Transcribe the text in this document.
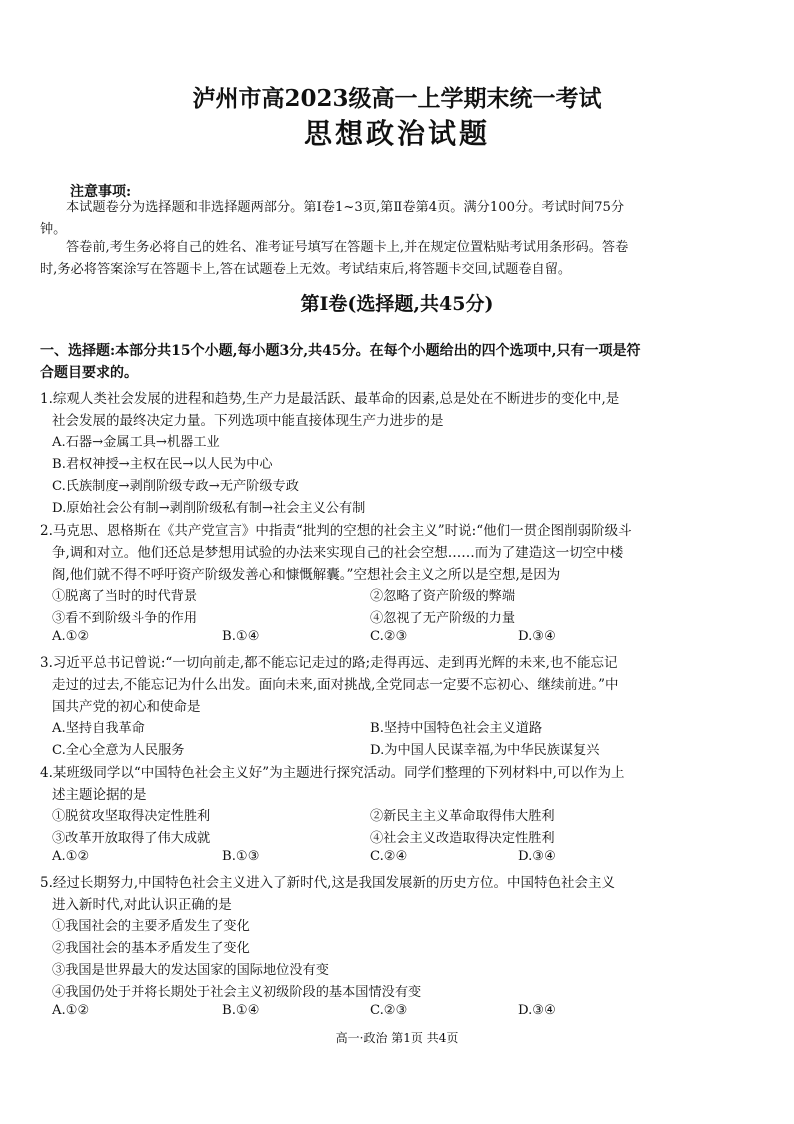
泸州市高2023级高一上学期末统一考试
思想政治试题
注意事项:
本试题卷分为选择题和非选择题两部分。第Ⅰ卷1~3页,第Ⅱ卷第4页。满分100分。考试时间75分
钟。
答卷前,考生务必将自己的姓名、准考证号填写在答题卡上,并在规定位置粘贴考试用条形码。答卷
时,务必将答案涂写在答题卡上,答在试题卷上无效。考试结束后,将答题卡交回,试题卷自留。
第Ⅰ卷(选择题,共45分)
一、选择题:本部分共15个小题,每小题3分,共45分。在每个小题给出的四个选项中,只有一项是符
合题目要求的。
1.综观人类社会发展的进程和趋势,生产力是最活跃、最革命的因素,总是处在不断进步的变化中,是
社会发展的最终决定力量。下列选项中能直接体现生产力进步的是
A.石器→金属工具→机器工业
B.君权神授→主权在民→以人民为中心
C.氏族制度→剥削阶级专政→无产阶级专政
D.原始社会公有制→剥削阶级私有制→社会主义公有制
2.马克思、恩格斯在《共产党宣言》中指责“批判的空想的社会主义”时说:“他们一贯企图削弱阶级斗
争,调和对立。他们还总是梦想用试验的办法来实现自己的社会空想……而为了建造这一切空中楼
阁,他们就不得不呼吁资产阶级发善心和慷慨解囊。”空想社会主义之所以是空想,是因为
①脱离了当时的时代背景	②忽略了资产阶级的弊端
③看不到阶级斗争的作用	④忽视了无产阶级的力量
A.①②	B.①④	C.②③	D.③④
3.习近平总书记曾说:“一切向前走,都不能忘记走过的路;走得再远、走到再光辉的未来,也不能忘记
走过的过去,不能忘记为什么出发。面向未来,面对挑战,全党同志一定要不忘初心、继续前进。”中
国共产党的初心和使命是
A.坚持自我革命	B.坚持中国特色社会主义道路
C.全心全意为人民服务	D.为中国人民谋幸福,为中华民族谋复兴
4.某班级同学以“中国特色社会主义好”为主题进行探究活动。同学们整理的下列材料中,可以作为上
述主题论据的是
①脱贫攻坚取得决定性胜利	②新民主主义革命取得伟大胜利
③改革开放取得了伟大成就	④社会主义改造取得决定性胜利
A.①②	B.①③	C.②④	D.③④
5.经过长期努力,中国特色社会主义进入了新时代,这是我国发展新的历史方位。中国特色社会主义
进入新时代,对此认识正确的是
①我国社会的主要矛盾发生了变化
②我国社会的基本矛盾发生了变化
③我国是世界最大的发达国家的国际地位没有变
④我国仍处于并将长期处于社会主义初级阶段的基本国情没有变
A.①②	B.①④	C.②③	D.③④
高一·政治 第1页 共4页
